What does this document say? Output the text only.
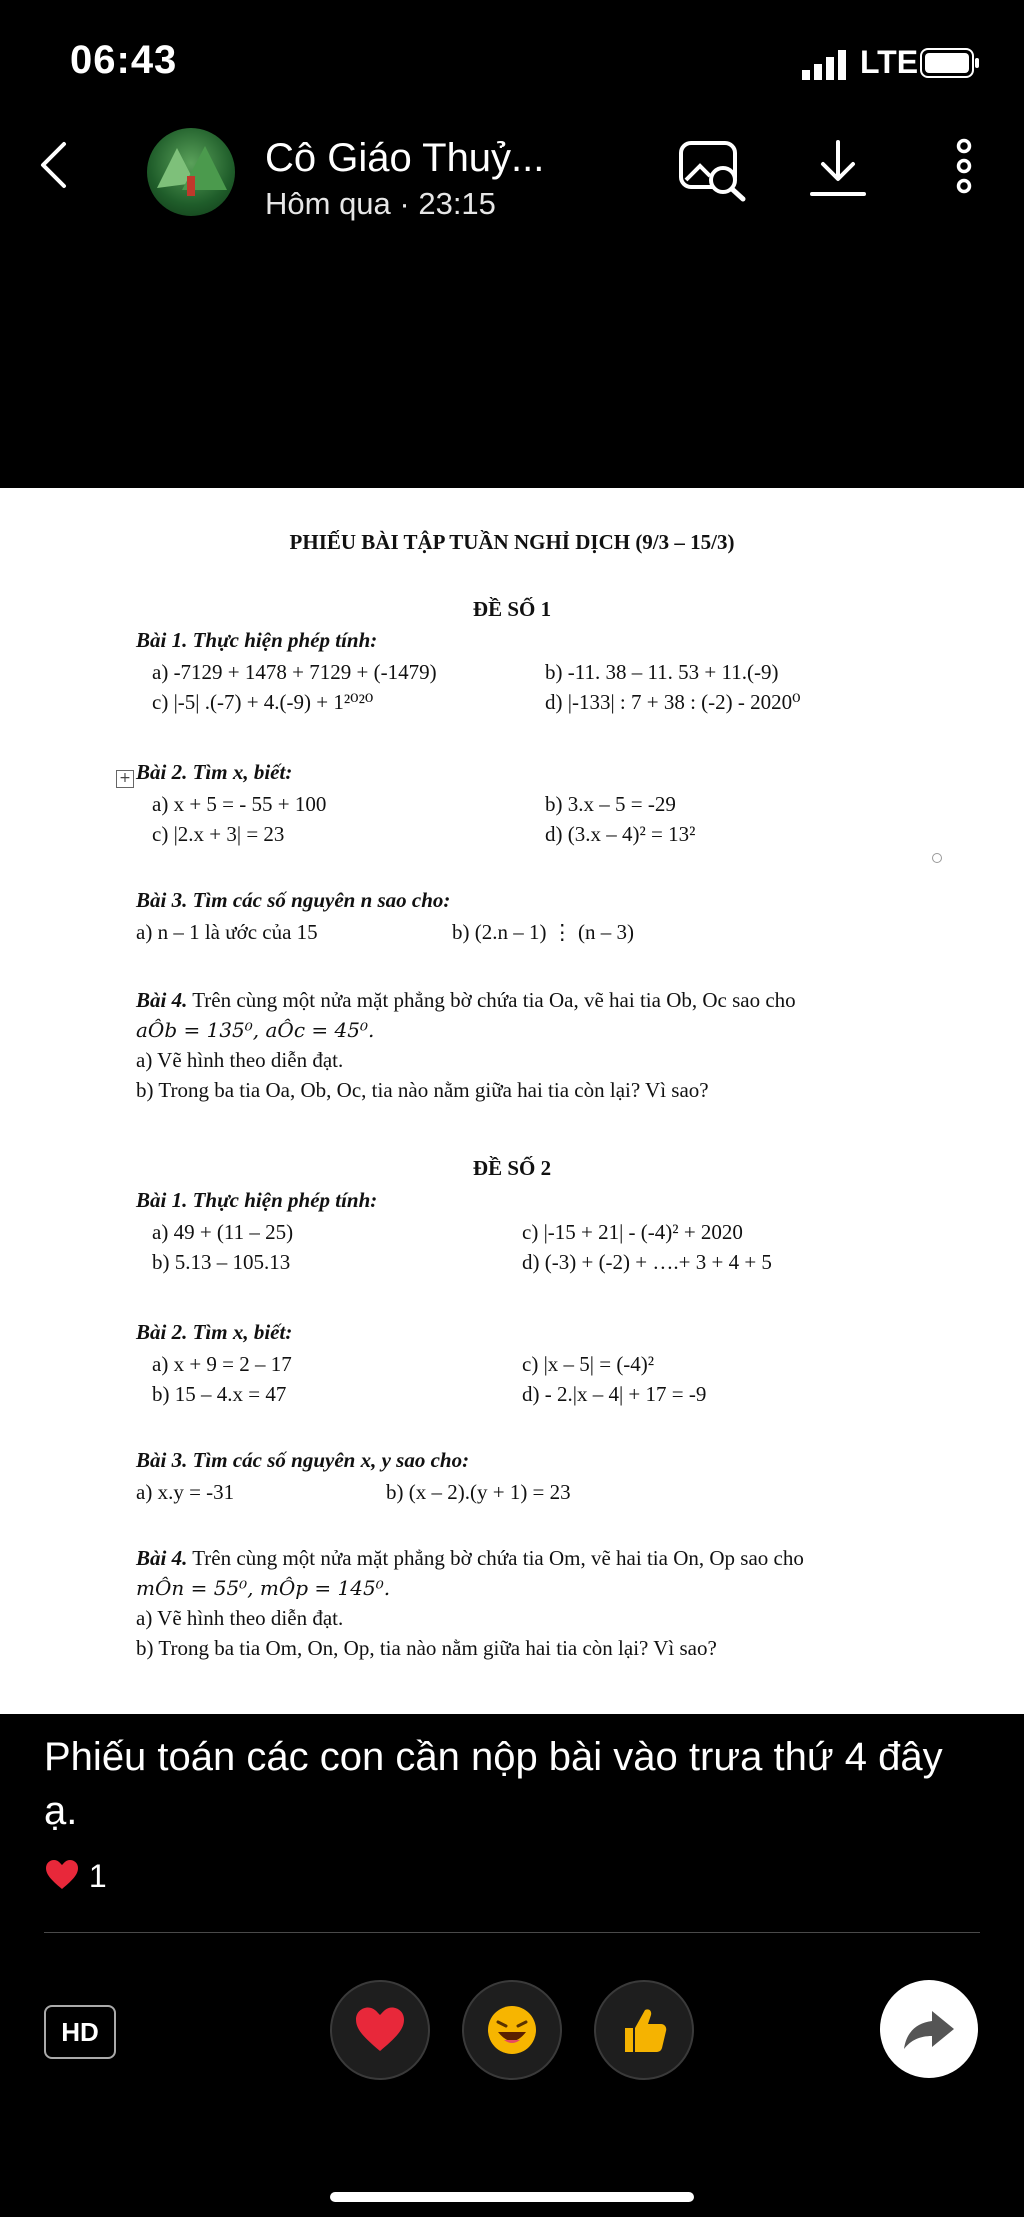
06:43	LTE
Cô Giáo Thuỷ...
Hôm qua · 23:15
PHIẾU BÀI TẬP TUẦN NGHỈ DỊCH (9/3 – 15/3)
ĐỀ SỐ 1
Bài 1. Thực hiện phép tính:
a) -7129 + 1478 + 7129 + (-1479)	b) -11. 38 – 11. 53 + 11.(-9)
c) |-5| .(-7) + 4.(-9) + 1²⁰²⁰	d) |-133| : 7 + 38 : (-2) - 2020⁰
+ Bài 2. Tìm x, biết:
a) x + 5 = - 55 + 100	b) 3.x – 5 = -29
c) |2.x + 3| = 23	d) (3.x – 4)² = 13²
Bài 3. Tìm các số nguyên n sao cho:
a) n – 1 là ước của 15	b) (2.n – 1) ⋮ (n – 3)
Bài 4. Trên cùng một nửa mặt phẳng bờ chứa tia Oa, vẽ hai tia Ob, Oc sao cho
aÔb = 135⁰, aÔc = 45⁰.
a) Vẽ hình theo diễn đạt.
b) Trong ba tia Oa, Ob, Oc, tia nào nằm giữa hai tia còn lại? Vì sao?
ĐỀ SỐ 2
Bài 1. Thực hiện phép tính:
a) 49 + (11 – 25)	c) |-15 + 21| - (-4)² + 2020
b) 5.13 – 105.13	d) (-3) + (-2) + ….+ 3 + 4 + 5
Bài 2. Tìm x, biết:
a) x + 9 = 2 – 17	c) |x – 5| = (-4)²
b) 15 – 4.x = 47	d) - 2.|x – 4| + 17 = -9
Bài 3. Tìm các số nguyên x, y sao cho:
a) x.y = -31	b) (x – 2).(y + 1) = 23
Bài 4. Trên cùng một nửa mặt phẳng bờ chứa tia Om, vẽ hai tia On, Op sao cho
mÔn = 55⁰, mÔp = 145⁰.
a) Vẽ hình theo diễn đạt.
b) Trong ba tia Om, On, Op, tia nào nằm giữa hai tia còn lại? Vì sao?
Phiếu toán các con cần nộp bài vào trưa thứ 4 đây ạ.
1
HD
